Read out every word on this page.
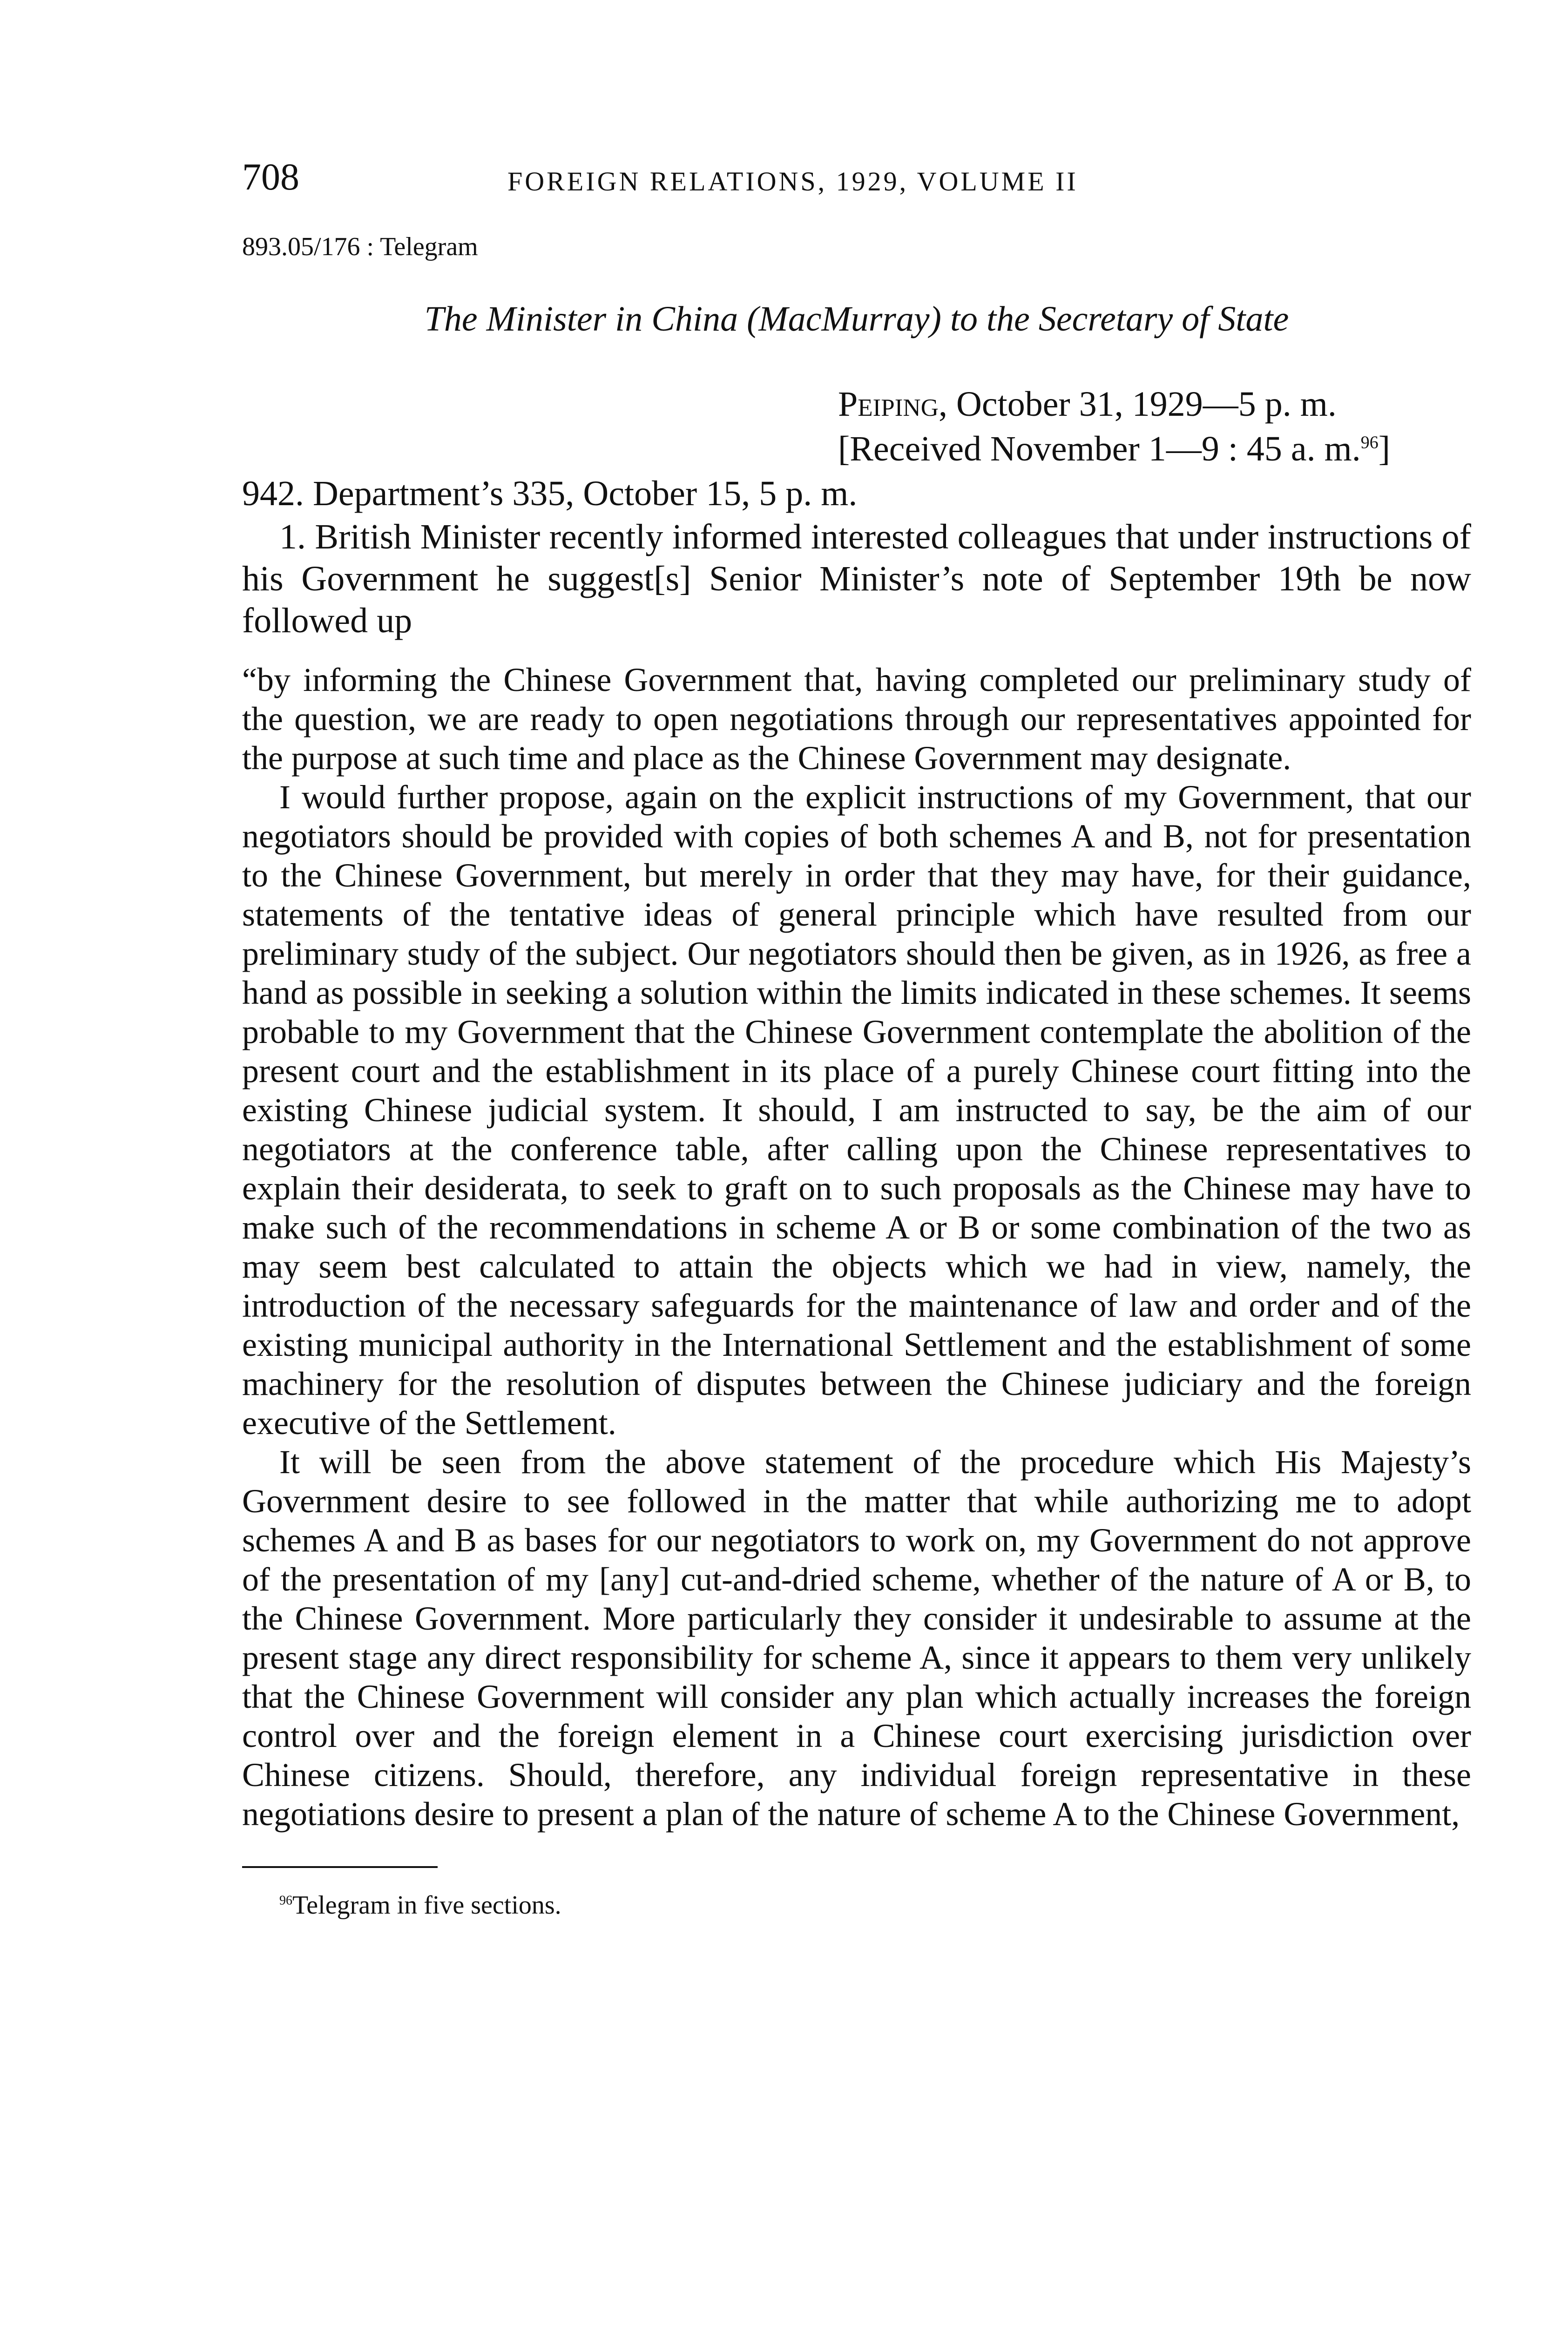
708	FOREIGN RELATIONS, 1929, VOLUME II
893.05/176 : Telegram
The Minister in China (MacMurray) to the Secretary of State
Peiping, October 31, 1929—5 p. m.
[Received November 1—9 : 45 a. m.$^{96}$]
942. Department’s 335, October 15, 5 p. m.

1. British Minister recently informed interested colleagues that under instructions of his Government he suggest[s] Senior Minister’s note of September 19th be now followed up

“by informing the Chinese Government that, having completed our preliminary study of the question, we are ready to open negotiations through our representatives appointed for the purpose at such time and place as the Chinese Government may designate.

I would further propose, again on the explicit instructions of my Government, that our negotiators should be provided with copies of both schemes A and B, not for presentation to the Chinese Government, but merely in order that they may have, for their guidance, statements of the tentative ideas of general principle which have resulted from our preliminary study of the subject. Our negotiators should then be given, as in 1926, as free a hand as possible in seeking a solution within the limits indicated in these schemes. It seems probable to my Government that the Chinese Government contemplate the abolition of the present court and the establishment in its place of a purely Chinese court fitting into the existing Chinese judicial system. It should, I am instructed to say, be the aim of our negotiators at the conference table, after calling upon the Chinese representatives to explain their desiderata, to seek to graft on to such proposals as the Chinese may have to make such of the recommendations in scheme A or B or some combination of the two as may seem best calculated to attain the objects which we had in view, namely, the introduction of the necessary safeguards for the maintenance of law and order and of the existing municipal authority in the International Settlement and the establishment of some machinery for the resolution of disputes between the Chinese judiciary and the foreign executive of the Settlement.

It will be seen from the above statement of the procedure which His Majesty’s Government desire to see followed in the matter that while authorizing me to adopt schemes A and B as bases for our negotiators to work on, my Government do not approve of the presentation of my [any] cut-and-dried scheme, whether of the nature of A or B, to the Chinese Government. More particularly they consider it undesirable to assume at the present stage any direct responsibility for scheme A, since it appears to them very unlikely that the Chinese Government will consider any plan which actually increases the foreign control over and the foreign element in a Chinese court exercising jurisdiction over Chinese citizens. Should, therefore, any individual foreign representative in these negotiations desire to present a plan of the nature of scheme A to the Chinese Government,

$^{96}$Telegram in five sections.
